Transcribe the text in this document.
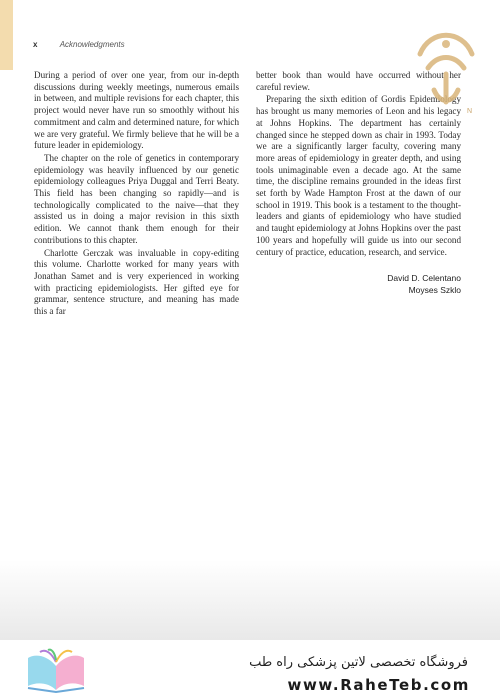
x	Acknowledgments

During a period of over one year, from our in-depth discussions during weekly meetings, numerous emails in between, and multiple revisions for each chapter, this project would never have run so smoothly without his commitment and calm and determined nature, for which we are very grateful. We firmly believe that he will be a future leader in epidemiology.

The chapter on the role of genetics in contemporary epidemiology was heavily influenced by our genetic epidemiology colleagues Priya Duggal and Terri Beaty. This field has been changing so rapidly—and is technologically complicated to the naive—that they assisted us in doing a major revision in this sixth edition. We cannot thank them enough for their contributions to this chapter.

Charlotte Gerczak was invaluable in copy-editing this volume. Charlotte worked for many years with Jonathan Samet and is very experienced in working with practicing epidemiologists. Her gifted eye for grammar, sentence structure, and meaning has made this a far

better book than would have occurred without her careful review.

Preparing the sixth edition of Gordis Epidemiology has brought us many memories of Leon and his legacy at Johns Hopkins. The department has certainly changed since he stepped down as chair in 1993. Today we are a significantly larger faculty, covering many more areas of epidemiology in greater depth, and using tools unimaginable even a decade ago. At the same time, the discipline remains grounded in the ideas first set forth by Wade Hampton Frost at the dawn of our school in 1919. This book is a testament to the thought-leaders and giants of epidemiology who have studied and taught epidemiology at Johns Hopkins over the past 100 years and hopefully will guide us into our second century of practice, education, research, and service.

David D. Celentano
Moyses Szklo
N
فروشگاه تخصصی لاتین پزشکی راه طب
www.RaheTeb.com
